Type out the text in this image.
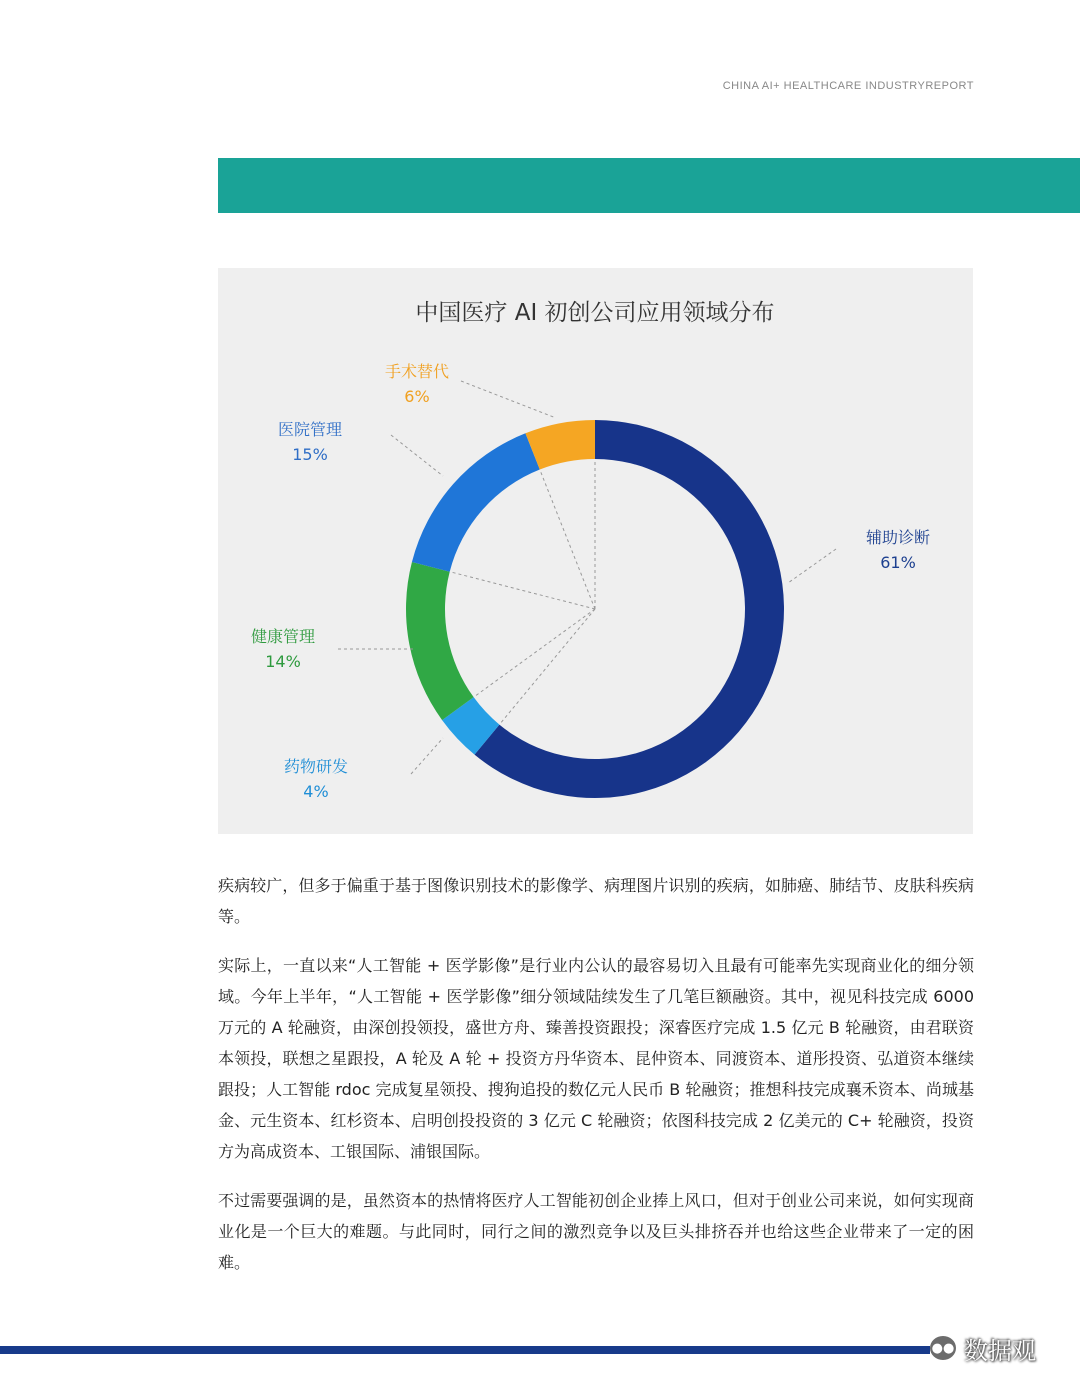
CHINA AI+ HEALTHCARE INDUSTRYREPORT
中国医疗 AI 初创公司应用领域分布
辅助诊断
61%
药物研发
4%
健康管理
14%
医院管理
15%
手术替代
6%

疾病较广，但多于偏重于基于图像识别技术的影像学、病理图片识别的疾病，如肺癌、肺结节、皮肤科疾病等。

实际上，一直以来“人工智能 + 医学影像”是行业内公认的最容易切入且最有可能率先实现商业化的细分领域。今年上半年，“人工智能 + 医学影像”细分领域陆续发生了几笔巨额融资。其中，视见科技完成 6000 万元的 A 轮融资，由深创投领投，盛世方舟、臻善投资跟投；深睿医疗完成 1.5 亿元 B 轮融资，由君联资本领投，联想之星跟投，A 轮及 A 轮 + 投资方丹华资本、昆仲资本、同渡资本、道彤投资、弘道资本继续跟投；人工智能 rdoc 完成复星领投、搜狗追投的数亿元人民币 B 轮融资；推想科技完成襄禾资本、尚珹基金、元生资本、红杉资本、启明创投投资的 3 亿元 C 轮融资；依图科技完成 2 亿美元的 C+ 轮融资，投资方为高成资本、工银国际、浦银国际。

不过需要强调的是，虽然资本的热情将医疗人工智能初创企业捧上风口，但对于创业公司来说，如何实现商业化是一个巨大的难题。与此同时，同行之间的激烈竞争以及巨头排挤吞并也给这些企业带来了一定的困难。

●● 数据观
